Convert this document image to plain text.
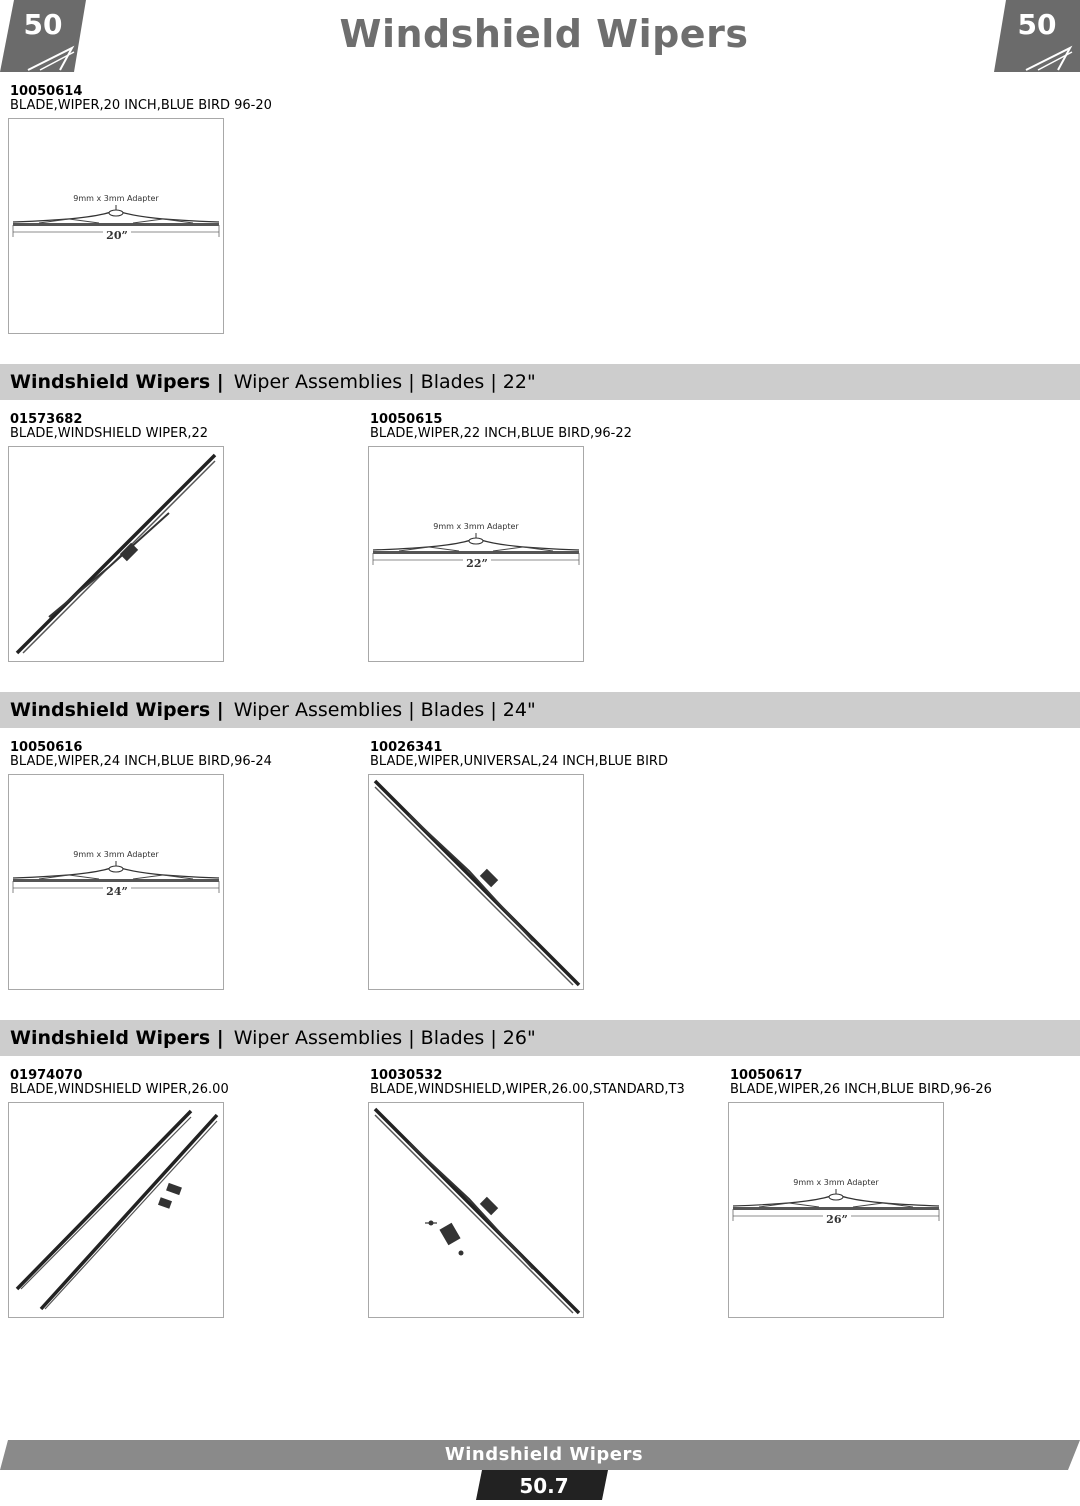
50	Windshield Wipers	50
10050614
BLADE,WIPER,20 INCH,BLUE BIRD 96-20
9mm x 3mm Adapter
20”
Windshield Wipers | Wiper Assemblies | Blades | 22"
01573682
BLADE,WINDSHIELD WIPER,22
10050615
BLADE,WIPER,22 INCH,BLUE BIRD,96-22
9mm x 3mm Adapter
22”
Windshield Wipers | Wiper Assemblies | Blades | 24"
10050616
BLADE,WIPER,24 INCH,BLUE BIRD,96-24
9mm x 3mm Adapter
24”
10026341
BLADE,WIPER,UNIVERSAL,24 INCH,BLUE BIRD
Windshield Wipers | Wiper Assemblies | Blades | 26"
01974070
BLADE,WINDSHIELD WIPER,26.00
10030532
BLADE,WINDSHIELD,WIPER,26.00,STANDARD,T3
10050617
BLADE,WIPER,26 INCH,BLUE BIRD,96-26
9mm x 3mm Adapter
26”
Windshield Wipers
50.7
